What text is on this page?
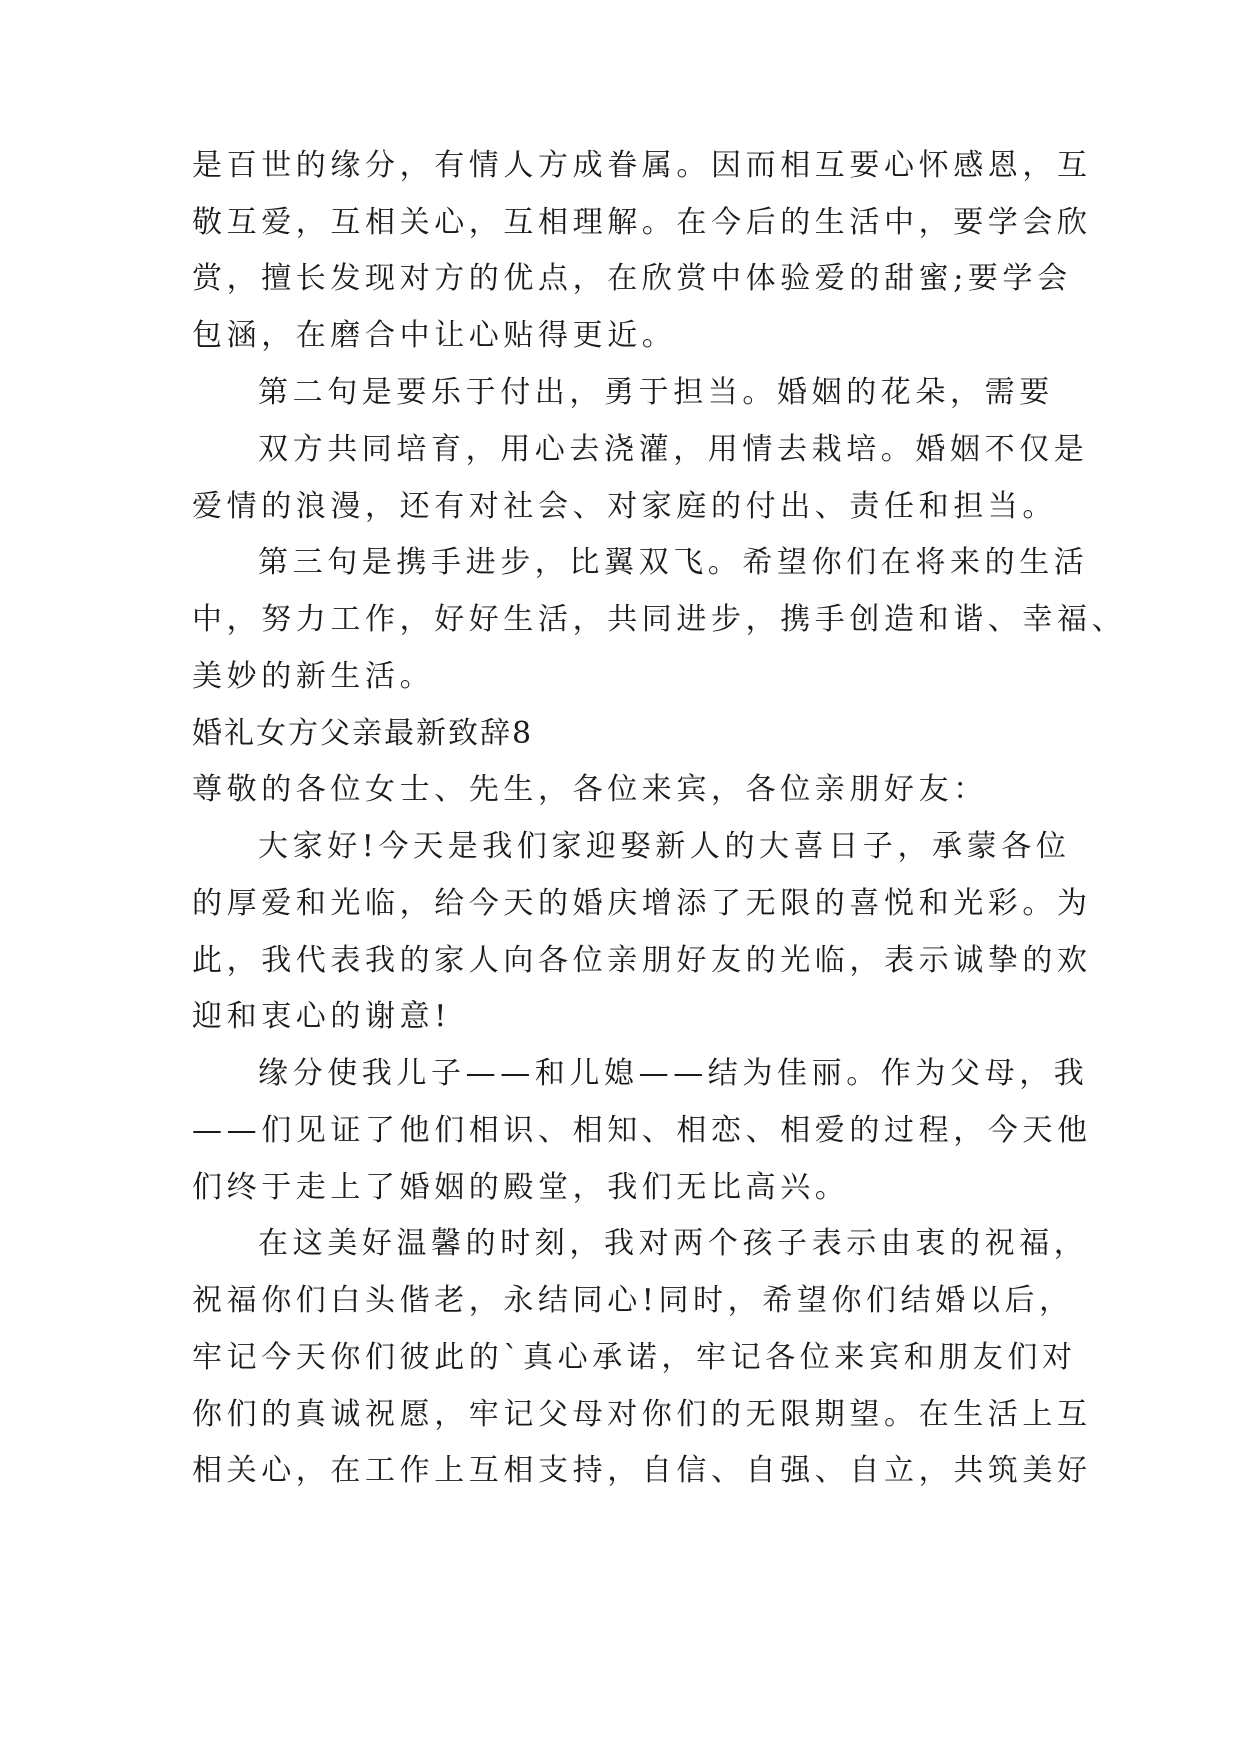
是百世的缘分，有情人方成眷属。因而相互要心怀感恩，互
敬互爱，互相关心，互相理解。在今后的生活中，要学会欣
赏，擅长发现对方的优点，在欣赏中体验爱的甜蜜;要学会
包涵，在磨合中让心贴得更近。
第二句是要乐于付出，勇于担当。婚姻的花朵，需要
双方共同培育，用心去浇灌，用情去栽培。婚姻不仅是
爱情的浪漫，还有对社会、对家庭的付出、责任和担当。
第三句是携手进步，比翼双飞。希望你们在将来的生活
中，努力工作，好好生活，共同进步，携手创造和谐、幸福、
美妙的新生活。
婚礼女方父亲最新致辞8
尊敬的各位女士、先生，各位来宾，各位亲朋好友：
大家好!今天是我们家迎娶新人的大喜日子，承蒙各位
的厚爱和光临，给今天的婚庆增添了无限的喜悦和光彩。为
此，我代表我的家人向各位亲朋好友的光临，表示诚挚的欢
迎和衷心的谢意!
缘分使我儿子——和儿媳——结为佳丽。作为父母，我
——们见证了他们相识、相知、相恋、相爱的过程，今天他
们终于走上了婚姻的殿堂，我们无比高兴。
在这美好温馨的时刻，我对两个孩子表示由衷的祝福，
祝福你们白头偕老，永结同心!同时，希望你们结婚以后，
牢记今天你们彼此的`真心承诺，牢记各位来宾和朋友们对
你们的真诚祝愿，牢记父母对你们的无限期望。在生活上互
相关心，在工作上互相支持，自信、自强、自立，共筑美好
